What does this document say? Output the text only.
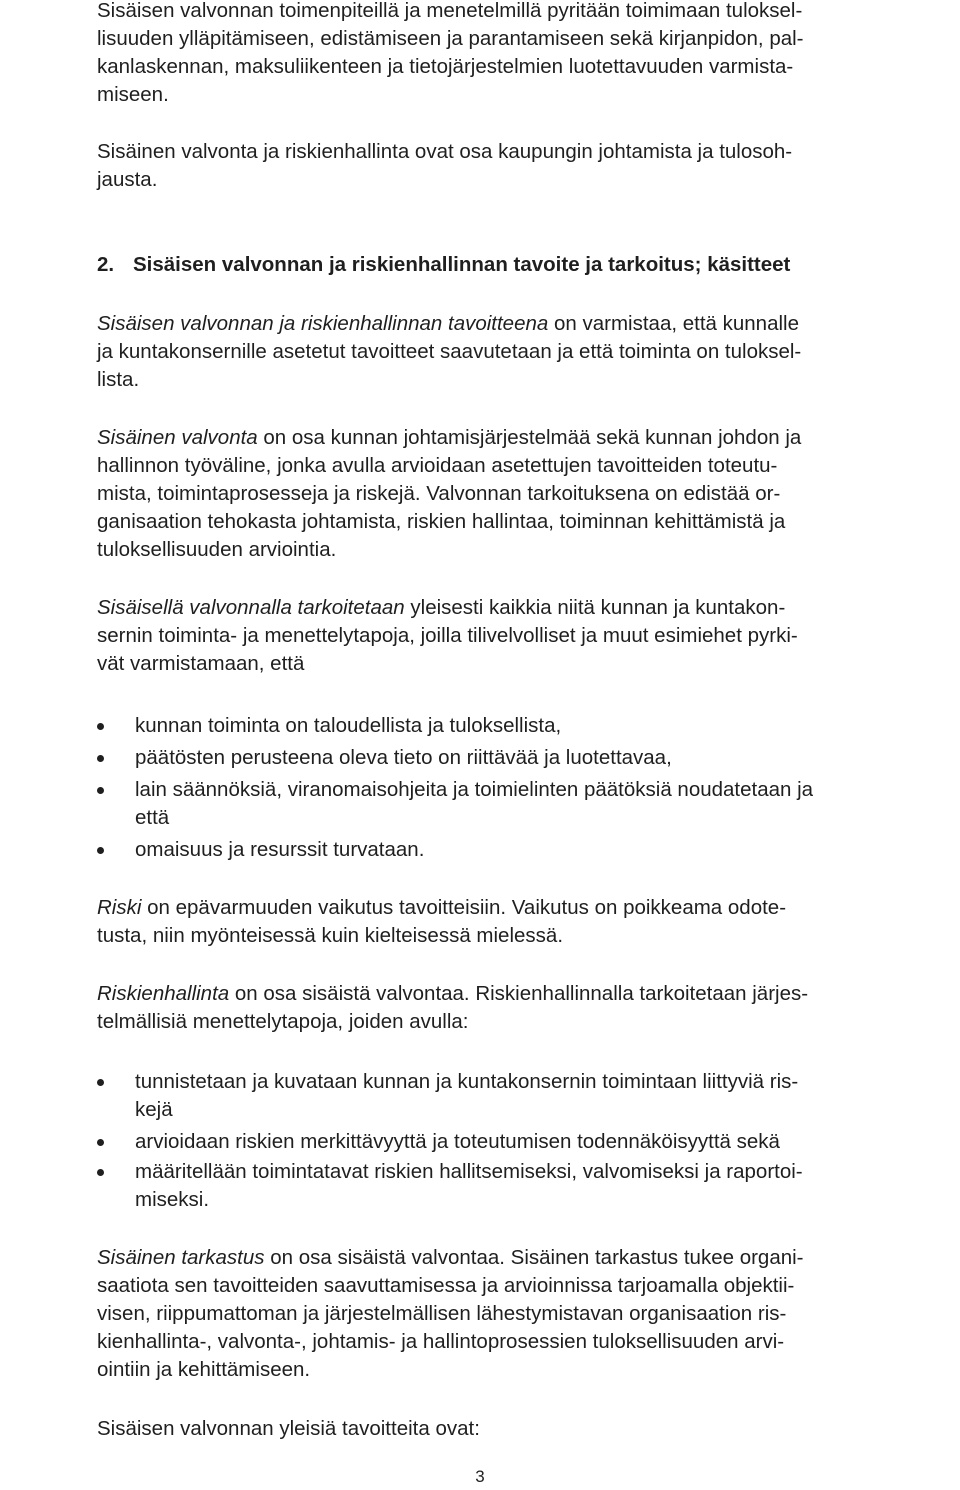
Sisäisen valvonnan toimenpiteillä ja menetelmillä pyritään toimimaan tuloksel-

lisuuden ylläpitämiseen, edistämiseen ja parantamiseen sekä kirjanpidon, pal-

kanlaskennan, maksuliikenteen ja tietojärjestelmien luotettavuuden varmista-

miseen.

Sisäinen valvonta ja riskienhallinta ovat osa kaupungin johtamista ja tulosoh-

jausta.

2. Sisäisen valvonnan ja riskienhallinnan tavoite ja tarkoitus; käsitteet

Sisäisen valvonnan ja riskienhallinnan tavoitteena on varmistaa, että kunnalle

ja kuntakonsernille asetetut tavoitteet saavutetaan ja että toiminta on tuloksel-

lista.

Sisäinen valvonta on osa kunnan johtamisjärjestelmää sekä kunnan johdon ja

hallinnon työväline, jonka avulla arvioidaan asetettujen tavoitteiden toteutu-

mista, toimintaprosesseja ja riskejä. Valvonnan tarkoituksena on edistää or-

ganisaation tehokasta johtamista, riskien hallintaa, toiminnan kehittämistä ja

tuloksellisuuden arviointia.

Sisäisellä valvonnalla tarkoitetaan yleisesti kaikkia niitä kunnan ja kuntakon-

sernin toiminta- ja menettelytapoja, joilla tilivelvolliset ja muut esimiehet pyrki-

vät varmistamaan, että

kunnan toiminta on taloudellista ja tuloksellista,

päätösten perusteena oleva tieto on riittävää ja luotettavaa,

lain säännöksiä, viranomaisohjeita ja toimielinten päätöksiä noudatetaan ja

että

omaisuus ja resurssit turvataan.

Riski on epävarmuuden vaikutus tavoitteisiin. Vaikutus on poikkeama odote-

tusta, niin myönteisessä kuin kielteisessä mielessä.

Riskienhallinta on osa sisäistä valvontaa. Riskienhallinnalla tarkoitetaan järjes-

telmällisiä menettelytapoja, joiden avulla:

tunnistetaan ja kuvataan kunnan ja kuntakonsernin toimintaan liittyviä ris-

kejä

arvioidaan riskien merkittävyyttä ja toteutumisen todennäköisyyttä sekä

määritellään toimintatavat riskien hallitsemiseksi, valvomiseksi ja raportoi-

miseksi.

Sisäinen tarkastus on osa sisäistä valvontaa. Sisäinen tarkastus tukee organi-

saatiota sen tavoitteiden saavuttamisessa ja arvioinnissa tarjoamalla objektii-

visen, riippumattoman ja järjestelmällisen lähestymistavan organisaation ris-

kienhallinta-, valvonta-, johtamis- ja hallintoprosessien tuloksellisuuden arvi-

ointiin ja kehittämiseen.

Sisäisen valvonnan yleisiä tavoitteita ovat:

3
